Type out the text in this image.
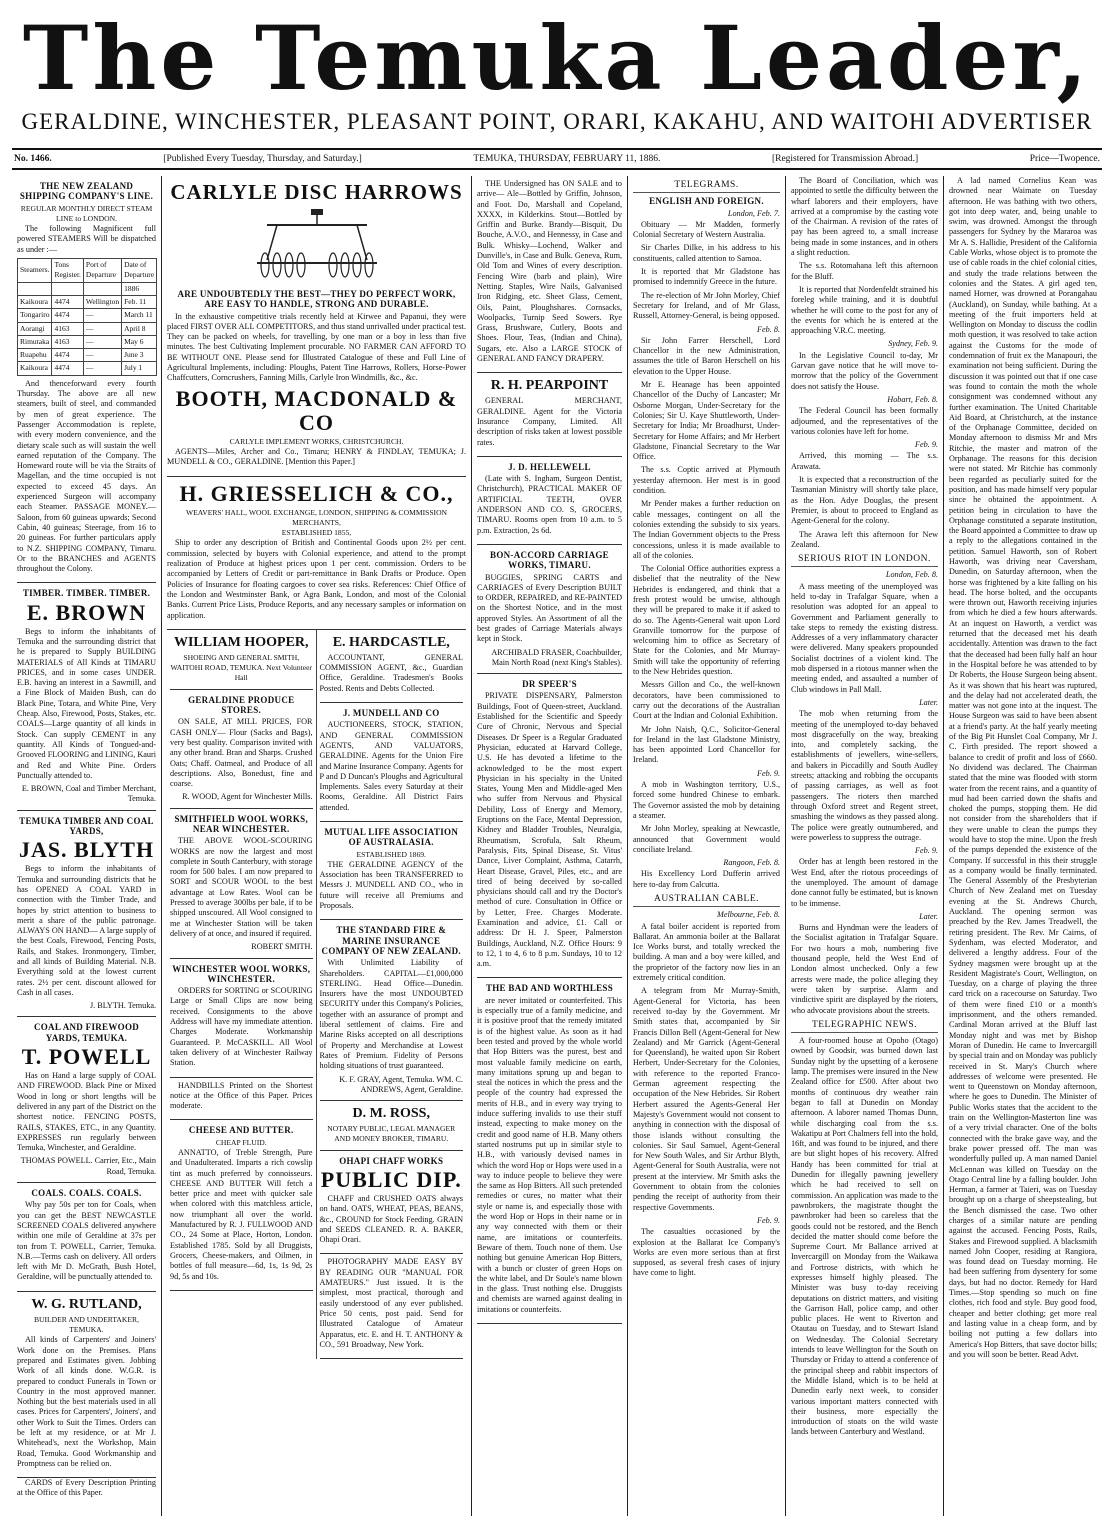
The Temuka Leader,
GERALDINE, WINCHESTER, PLEASANT POINT, ORARI, KAKAHU, AND WAITOHI ADVERTISER
No. 1466.	[Published Every Tuesday, Thursday, and Saturday.]	TEMUKA, THURSDAY, FEBRUARY 11, 1886.	[Registered for Transmission Abroad.]	Price—Twopence.
THE NEW ZEALAND SHIPPING COMPANY'S LINE.
REGULAR MONTHLY DIRECT STEAM LINE to LONDON.

The following Magnificent full powered STEAMERS Will be dispatched as under :—

Steamers.	Tons Register.	Port of Departure	Date of Departure
			1886
Kaikoura	4474	Wellington	Feb. 11
Tongariro	4474	—	March 11
Aorangi	4163	—	April 8
Rimutaka	4163	—	May 6
Ruapehu	4474	—	June 3
Kaikoura	4474	—	July 1

And thenceforward every fourth Thursday. The above are all new steamers, built of steel, and commanded by men of great experience. The Passenger Accommodation is replete, with every modern convenience, and the dietary scale such as will sustain the well earned reputation of the Company. The Homeward route will be via the Straits of Magellan, and the time occupied is not expected to exceed 45 days. An experienced Surgeon will accompany each Steamer. PASSAGE MONEY.—Saloon, from 60 guineas upwards; Second Cabin, 40 guineas; Steerage, from 16 to 20 guineas. For further particulars apply to N.Z. SHIPPING COMPANY, Timaru. Or to the BRANCHES and AGENTS throughout the Colony.

TIMBER. TIMBER. TIMBER.
E. BROWN

Begs to inform the inhabitants of Temuka and the surrounding district that he is prepared to Supply BUILDING MATERIALS of All Kinds at TIMARU PRICES, and in some cases UNDER. E.B. having an interest in a Sawmill, and a Fine Block of Maiden Bush, can do Black Pine, Totara, and White Pine, Very Cheap. Also, Firewood, Posts, Stakes, etc. COALS—Large quantity of all kinds in Stock. Can supply CEMENT in any quantity. All Kinds of Tongued-and-Grooved FLOORING and LINING, Kauri and Red and White Pine. Orders Punctually attended to.

E. BROWN, Coal and Timber Merchant, Temuka.
TEMUKA TIMBER AND COAL YARDS,
JAS. BLYTH

Begs to inform the inhabitants of Temuka and surrounding districts that he has OPENED A COAL YARD in connection with the Timber Trade, and hopes by strict attention to business to merit a share of the public patronage. ALWAYS ON HAND— A large supply of the best Coals, Firewood, Fencing Posts, Rails, and Stakes. Ironmongery, Timber, and all kinds of Building Material. N.B. Everything sold at the lowest current rates. 2½ per cent. discount allowed for Cash in all cases.

J. BLYTH. Temuka.
COAL AND FIREWOOD YARDS, TEMUKA.
T. POWELL

Has on Hand a large supply of COAL AND FIREWOOD. Black Pine or Mixed Wood in long or short lengths will be delivered in any part of the District on the shortest notice. FENCING POSTS, RAILS, STAKES, ETC., in any Quantity. EXPRESSES run regularly between Temuka, Winchester, and Geraldine.

THOMAS POWELL. Carrier, Etc., Main Road, Temuka.
COALS. COALS. COALS.

Why pay 50s per ton for Coals, when you can get the BEST NEWCASTLE SCREENED COALS delivered anywhere within one mile of Geraldine at 37s per ton from T. POWELL, Carrier, Temuka. N.B.—Terms cash on delivery. All orders left with Mr D. McGrath, Bush Hotel, Geraldine, will be punctually attended to.

W. G. RUTLAND,
BUILDER AND UNDERTAKER, TEMUKA.

All kinds of Carpenters' and Joiners' Work done on the Premises. Plans prepared and Estimates given. Jobbing Work of all kinds done. W.G.R. is prepared to conduct Funerals in Town or Country in the most approved manner. Nothing but the best materials used in all cases. Prices for Carpenters', Joiners', and other Work to Suit the Times. Orders can be left at my residence, or at Mr J. Whitehead's, next the Workshop, Main Road, Temuka. Good Workmanship and Promptness can be relied on.

CARDS of Every Description Printing at the Office of this Paper.

CARLYLE DISC HARROWS
ARE UNDOUBTEDLY THE BEST—THEY DO PERFECT WORK, ARE EASY TO HANDLE, STRONG AND DURABLE.

In the exhaustive competitive trials recently held at Kirwee and Papanui, they were placed FIRST OVER ALL COMPETITORS, and thus stand unrivalled under practical test. They can be packed on wheels, for travelling, by one man or a boy in less than five minutes. The best Cultivating Implement procurable. NO FARMER CAN AFFORD TO BE WITHOUT ONE. Please send for Illustrated Catalogue of these and Full Line of Agricultural Implements, including: Ploughs, Patent Tine Harrows, Rollers, Horse-Power Chaffcutters, Corncrushers, Fanning Mills, Carlyle Iron Windmills, &c., &c.

BOOTH, MACDONALD & CO
CARLYLE IMPLEMENT WORKS, CHRISTCHURCH.

AGENTS—Miles, Archer and Co., Timaru; HENRY & FINDLAY, TEMUKA; J. MUNDELL & CO., GERALDINE. [Mention this Paper.]

H. GRIESSELICH & CO.,
WEAVERS' HALL, WOOL EXCHANGE, LONDON, SHIPPING & COMMISSION MERCHANTS,
ESTABLISHED 1855,

Ship to order any description of British and Continental Goods upon 2½ per cent. commission, selected by buyers with Colonial experience, and attend to the prompt realization of Produce at highest prices upon 1 per cent. commission. Orders to be accompanied by Letters of Credit or part-remittance in Bank Drafts or Produce. Open Policies of Insurance for floating cargoes to cover sea risks. References: Chief Office of the London and Westminster Bank, or Agra Bank, London, and most of the Colonial Banks. Current Price Lists, Produce Reports, and any necessary samples or information on application.

WILLIAM HOOPER,
SHOEING AND GENERAL SMITH, WAITOHI ROAD, TEMUKA. Next Volunteer Hall
GERALDINE PRODUCE STORES.

ON SALE, AT MILL PRICES, FOR CASH ONLY— Flour (Sacks and Bags), very best quality. Comparison invited with any other brand. Bran and Sharps. Crushed Oats; Chaff. Oatmeal, and Produce of all descriptions. Also, Bonedust, fine and coarse.

R. WOOD, Agent for Winchester Mills.
SMITHFIELD WOOL WORKS, NEAR WINCHESTER.

THE ABOVE WOOL-SCOURING WORKS are now the largest and most complete in South Canterbury, with storage room for 500 bales. I am now prepared to SORT and SCOUR WOOL to the best advantage at Low Rates. Wool can be Pressed to average 300lbs per bale, if to be shipped unscoured. All Wool consigned to me at Winchester Station will be taken delivery of at once, and insured if required.

ROBERT SMITH.
WINCHESTER WOOL WORKS, WINCHESTER.

ORDERS for SORTING or SCOURING Large or Small Clips are now being received. Consignments to the above Address will have my immediate attention. Charges Moderate. Workmanship Guaranteed. P. McCASKILL. All Wool taken delivery of at Winchester Railway Station.

HANDBILLS Printed on the Shortest notice at the Office of this Paper. Prices moderate.

CHEESE AND BUTTER.
CHEAP FLUID.

ANNATTO, of Treble Strength, Pure and Unadulterated. Imparts a rich cowslip tint as much preferred by connoisseurs. CHEESE AND BUTTER Will fetch a better price and meet with quicker sale when colored with this matchless article, now triumphant all over the world. Manufactured by R. J. FULLWOOD AND CO., 24 Some at Place, Horton, London. Established 1785. Sold by all Druggists, Grocers, Cheese-makers, and Oilmen, in bottles of full measure—6d, 1s, 1s 9d, 2s 9d, 5s and 10s.

E. HARDCASTLE,

ACCOUNTANT, GENERAL COMMISSION AGENT, &c., Guardian Office, Geraldine. Tradesmen's Books Posted. Rents and Debts Collected.

J. MUNDELL AND CO

AUCTIONEERS, STOCK, STATION, AND GENERAL COMMISSION AGENTS, AND VALUATORS, GERALDINE. Agents for the Union Fire and Marine Insurance Company. Agents for P and D Duncan's Ploughs and Agricultural Implements. Sales every Saturday at their Rooms, Geraldine. All District Fairs attended.

MUTUAL LIFE ASSOCIATION OF AUSTRALASIA.
ESTABLISHED 1869.

THE GERALDINE AGENCY of the Association has been TRANSFERRED to Messrs J. MUNDELL AND CO., who in future will receive all Premiums and Proposals.

THE STANDARD FIRE & MARINE INSURANCE COMPANY OF NEW ZEALAND.

With Unlimited Liability of Shareholders. CAPITAL—£1,000,000 STERLING. Head Office—Dunedin. Insurers have the most UNDOUBTED SECURITY under this Company's Policies, together with an assurance of prompt and liberal settlement of claims. Fire and Marine Risks accepted on all descriptions of Property and Merchandise at Lowest Rates of Premium. Fidelity of Persons holding situations of trust guaranteed.

K. F. GRAY, Agent, Temuka. WM. C. ANDREWS, Agent, Geraldine.
D. M. ROSS,
NOTARY PUBLIC, LEGAL MANAGER AND MONEY BROKER, TIMARU.
OHAPI CHAFF WORKS
PUBLIC DIP.

CHAFF and CRUSHED OATS always on hand. OATS, WHEAT, PEAS, BEANS, &c., CROUND for Stock Feeding. GRAIN and SEEDS CLEANED. R. A. BAKER, Ohapi Orari.

PHOTOGRAPHY MADE EASY BY BY READING OUR "MANUAL FOR AMATEURS." Just issued. It is the simplest, most practical, thorough and easily understood of any ever published. Price 50 cents, post paid. Send for Illustrated Catalogue of Amateur Apparatus, etc. E. and H. T. ANTHONY & CO., 591 Broadway, New York.

THE Undersigned has ON SALE and to arrive— Ale—Bottled by Griffin, Johnson, and Foot. Do, Marshall and Copeland, XXXX, in Kilderkins. Stout—Bottled by Griffin and Burke. Brandy—Bisquit, Du Bouche, A.V.O., and Hennessy, in Case and Bulk. Whisky—Lochend, Walker and Dunville's, in Case and Bulk. Geneva, Rum, Old Tom and Wines of every description. Fencing Wire (barb and plain), Wire Netting. Staples, Wire Nails, Galvanised Iron Ridging, etc. Sheet Glass, Cement, Oils, Paint, Ploughshares. Cornsacks, Woolpacks, Turnip Seed Sowers. Rye Grass, Brushware, Cutlery, Boots and Shoes. Flour, Teas, (Indian and China), Sugars, etc. Also a LARGE STOCK of GENERAL AND FANCY DRAPERY.

R. H. PEARPOINT

GENERAL MERCHANT, GERALDINE. Agent for the Victoria Insurance Company, Limited. All description of risks taken at lowest possible rates.

J. D. HELLEWELL

(Late with S. Ingham, Surgeon Dentist, Christchurch), PRACTICAL MAKER OF ARTIFICIAL TEETH, OVER ANDERSON AND CO. S, GROCERS, TIMARU. Rooms open from 10 a.m. to 5 p.m. Extraction, 2s 6d.

BON-ACCORD CARRIAGE WORKS, TIMARU.

BUGGIES, SPRING CARTS and CARRIAGES of Every Description BUILT to ORDER, REPAIRED, and RE-PAINTED on the Shortest Notice, and in the most approved Styles. An Assortment of all the best grades of Carriage Materials always kept in Stock.

ARCHIBALD FRASER, Coachbuilder, Main North Road (next King's Stables).
DR SPEER'S

PRIVATE DISPENSARY, Palmerston Buildings, Foot of Queen-street, Auckland. Established for the Scientific and Speedy Cure of Chronic, Nervous and Special Diseases. Dr Speer is a Regular Graduated Physician, educated at Harvard College, U.S. He has devoted a lifetime to the acknowledged to be the most expert Physician in his specialty in the United States, Young Men and Middle-aged Men who suffer from Nervous and Physical Debility, Loss of Energy and Memory, Eruptions on the Face, Mental Depression, Kidney and Bladder Troubles, Neuralgia, Rheumatism, Scrofula, Salt Rheum, Paralysis, Fits, Spinal Disease, St. Vitus' Dance, Liver Complaint, Asthma, Catarrh, Heart Disease, Gravel, Piles, etc., and are tired of being deceived by so-called physicians should call and try the Doctor's method of cure. Consultation in Office or by Letter, Free. Charges Moderate. Examination and advice, £1. Call or address: Dr H. J. Speer, Palmerston Buildings, Auckland, N.Z. Office Hours: 9 to 12, 1 to 4, 6 to 8 p.m. Sundays, 10 to 12 a.m.

THE BAD AND WORTHLESS

are never imitated or counterfeited. This is especially true of a family medicine, and it is positive proof that the remedy imitated is of the highest value. As soon as it had been tested and proved by the whole world that Hop Bitters was the purest, best and most valuable family medicine on earth, many imitations sprung up and began to steal the notices in which the press and the people of the country had expressed the merits of H.B., and in every way trying to induce suffering invalids to use their stuff instead, expecting to make money on the credit and good name of H.B. Many others started nostrums put up in similar style to H.B., with variously devised names in which the word Hop or Hops were used in a way to induce people to believe they were the same as Hop Bitters. All such pretended remedies or cures, no matter what their style or name is, and especially those with the word Hop or Hops in their name or in any way connected with them or their name, are imitations or counterfeits. Beware of them. Touch none of them. Use nothing but genuine American Hop Bitters, with a bunch or cluster of green Hops on the white label, and Dr Soule's name blown in the glass. Trust nothing else. Druggists and chemists are warned against dealing in imitations or counterfeits.

TELEGRAMS.
ENGLISH AND FOREIGN.
London, Feb. 7.

Obituary — Mr Madden, formerly Colonial Secretary of Western Australia.

Sir Charles Dilke, in his address to his constituents, called attention to Samoa.

It is reported that Mr Gladstone has promised to indemnify Greece in the future.

The re-election of Mr John Morley, Chief Secretary for Ireland, and of Mr Glass, Russell, Attorney-General, is being opposed.

Feb. 8.

Sir John Farrer Herschell, Lord Chancellor in the new Administration, assumes the title of Baron Herschell on his elevation to the Upper House.

Mr E. Heanage has been appointed Chancellor of the Duchy of Lancaster; Mr Osborne Morgan, Under-Secretary for the Colonies; Sir U. Kaye Shuttleworth, Under-Secretary for India; Mr Broadhurst, Under-Secretary for Home Affairs; and Mr Herbert Gladstone, Financial Secretary to the War Office.

The s.s. Coptic arrived at Plymouth yesterday afternoon. Her mest is in good condition.

Mr Pender makes a further reduction on cable messages, contingent on all the colonies extending the subsidy to six years. The Indian Government objects to the Press concessions, unless it is made available to all of the colonies.

The Colonial Office authorities express a disbelief that the neutrality of the New Hebrides is endangered, and think that a fresh protest would be unwise, although they will be prepared to make it if asked to do so. The Agents-General wait upon Lord Granville tomorrow for the purpose of welcoming him to office as Secretary of State for the Colonies, and Mr Murray-Smith will take the opportunity of referring to the New Hebrides question.

Messrs Gillon and Co., the well-known decorators, have been commissioned to carry out the decorations of the Australian Court at the Indian and Colonial Exhibition.

Mr John Naish, Q.C., Solicitor-General for Ireland in the last Gladstone Ministry, has been appointed Lord Chancellor for Ireland.

Feb. 9.

A mob in Washington territory, U.S., forced some hundred Chinese to embark. The Governor assisted the mob by detaining a steamer.

Mr John Morley, speaking at Newcastle, announced that Government would conciliate Ireland.

Rangoon, Feb. 8.

His Excellency Lord Dufferin arrived here to-day from Calcutta.

AUSTRALIAN CABLE.
Melbourne, Feb. 8.

A fatal boiler accident is reported from Ballarat. An ammonia boiler at the Ballarat Ice Works burst, and totally wrecked the building. A man and a boy were killed, and the proprietor of the factory now lies in an extremely critical condition.

A telegram from Mr Murray-Smith, Agent-General for Victoria, has been received to-day by the Government. Mr Smith states that, accompanied by Sir Francis Dillon Bell (Agent-General for New Zealand) and Mr Garrick (Agent-General for Queensland), he waited upon Sir Robert Herbert, Under-Secretary for the Colonies, with reference to the reported Franco-German agreement respecting the occupation of the New Hebrides. Sir Robert Herbert assured the Agents-General Her Majesty's Government would not consent to anything in connection with the disposal of those islands without consulting the colonies. Sir Saul Samuel, Agent-General for New South Wales, and Sir Arthur Blyth, Agent-General for South Australia, were not present at the interview. Mr Smith asks the Government to obtain from the colonies pending the receipt of authority from their respective Governments.

Feb. 9.

The casualties occasioned by the explosion at the Ballarat Ice Company's Works are even more serious than at first supposed, as several fresh cases of injury have come to light.

The Board of Conciliation, which was appointed to settle the difficulty between the wharf laborers and their employers, have arrived at a compromise by the casting vote of the Chairman. A revision of the rates of pay has been agreed to, a small increase being made in some instances, and in others a slight reduction.

The s.s. Rotomahana left this afternoon for the Bluff.

It is reported that Nordenfeldt strained his foreleg while training, and it is doubtful whether he will come to the post for any of the events for which he is entered at the approaching V.R.C. meeting.

Sydney, Feb. 9.

In the Legislative Council to-day, Mr Garvan gave notice that he will move to-morrow that the policy of the Government does not satisfy the House.

Hobart, Feb. 8.

The Federal Council has been formally adjourned, and the representatives of the various colonies have left for home.

Feb. 9.

Arrived, this morning — The s.s. Arawata.

It is expected that a reconstruction of the Tasmanian Ministry will shortly take place, as the Hon. Adye Douglas, the present Premier, is about to proceed to England as Agent-General for the colony.

The Arawa left this afternoon for New Zealand.

SERIOUS RIOT IN LONDON.
London, Feb. 8.

A mass meeting of the unemployed was held to-day in Trafalgar Square, when a resolution was adopted for an appeal to Government and Parliament generally to take steps to remedy the existing distress. Addresses of a very inflammatory character were delivered. Many speakers propounded Socialist doctrines of a violent kind. The mob dispersed in a riotous manner when the meeting ended, and assaulted a number of Club windows in Pall Mall.

Later.

The mob when returning from the meeting of the unemployed to-day behaved most disgracefully on the way, breaking into, and completely sacking, the establishments of jewellers, wine-sellers, and bakers in Piccadilly and South Audley streets; attacking and robbing the occupants of passing carriages, as well as foot passengers. The rioters then marched through Oxford street and Regent street, smashing the windows as they passed along. The police were greatly outnumbered, and were powerless to suppress the outrage.

Feb. 9.

Order has at length been restored in the West End, after the riotous proceedings of the unemployed. The amount of damage done cannot fully be estimated, but is known to be immense.

Later.

Burns and Hyndman were the leaders of the Socialist agitation in Trafalgar Square. For two hours a mob, numbering five thousand people, held the West End of London almost unchecked. Only a few arrests were made, the police alleging they were taken by surprise. Alarm and vindictive spirit are displayed by the rioters, who advocate provisions about the streets.

TELEGRAPHIC NEWS.

A four-roomed house at Opoho (Otago) owned by Goodsir, was burned down last Sunday night by the upsetting of a kerosene lamp. The premises were insured in the New Zealand office for £500. After about two months of continuous dry weather rain began to fall at Dunedin on Monday afternoon. A laborer named Thomas Dunn, while discharging coal from the s.s. Wakatipu at Port Chalmers fell into the hold, 16ft, and was found to be injured, and there are but slight hopes of his recovery. Alfred Handy has been committed for trial at Dunedin for illegally pawning jewellery which he had received to sell on commission. An application was made to the pawnbrokers, the magistrate thought the pawnbroker had been so careless that the goods could not be restored, and the Bench decided the matter should come before the Supreme Court. Mr Ballance arrived at Invercargill on Monday from the Waikawa and Fortrose districts, with which he expresses himself highly pleased. The Minister was busy to-day receiving deputations on district matters, and visiting the Garrison Hall, police camp, and other public places. He went to Riverton and Otautau on Tuesday, and to Stewart Island on Wednesday. The Colonial Secretary intends to leave Wellington for the South on Thursday or Friday to attend a conference of the principal sheep and rabbit inspectors of the Middle Island, which is to be held at Dunedin early next week, to consider various important matters connected with their business, more especially the introduction of stoats on the wild waste lands between Canterbury and Westland.

A lad named Cornelius Kean was drowned near Waimate on Tuesday afternoon. He was bathing with two others, got into deep water, and, being unable to swim, was drowned. Amongst the through passengers for Sydney by the Mararoa was Mr A. S. Hallidie, President of the California Cable Works, whose object is to promote the use of cable roads in the chief colonial cities, and study the trade relations between the colonies and the States. A girl aged ten, named Horner, was drowned at Porangahau (Auckland), on Sunday, while bathing. At a meeting of the fruit importers held at Wellington on Monday to discuss the codlin moth question, it was resolved to take action against the Customs for the mode of condemnation of fruit ex the Manapouri, the examination not being sufficient. During the discussion it was pointed out that if one case was found to contain the moth the whole consignment was condemned without any further examination. The United Charitable Aid Board, at Christchurch, at the instance of the Orphanage Committee, decided on Monday afternoon to dismiss Mr and Mrs Ritchie, the master and matron of the Orphanage. The reasons for this decision were not stated. Mr Ritchie has commonly been regarded as peculiarly suited for the position, and has made himself very popular since he obtained the appointment. A petition being in circulation to have the Orphanage constituted a separate institution, the Board appointed a Committee to draw up a reply to the allegations contained in the petition. Samuel Haworth, son of Robert Haworth, was driving near Caversham, Dunedin, on Saturday afternoon, when the horse was frightened by a kite falling on his head. The horse bolted, and the occupants were thrown out, Haworth receiving injuries from which he died a few hours afterwards. At an inquest on Haworth, a verdict was returned that the deceased met his death accidentally. Attention was drawn to the fact that the deceased had been fully half an hour in the Hospital before he was attended to by Dr Roberts, the House Surgeon being absent. As it was shown that his heart was ruptured, and the delay had not accelerated death, the matter was not gone into at the inquest. The House Surgeon was said to have been absent at a friend's party. At the half yearly meeting of the Big Pit Hunslet Coal Company, Mr J. C. Firth presided. The report showed a balance to credit of profit and loss of £660. No dividend was declared. The Chairman stated that the mine was flooded with storm water from the recent rains, and a quantity of mud had been carried down the shafts and choked the pumps, stopping them. He did not consider from the shareholders that if they were unable to clean the pumps they would have to stop the mine. Upon the fresh of the pumps depended the existence of the Company. If successful in this their struggle as a company would be finally terminated. The General Assembly of the Presbyterian Church of New Zealand met on Tuesday evening at the St. Andrews Church, Auckland. The opening sermon was preached by the Rev. James Treadwell, the retiring president. The Rev. Mr Cairns, of Sydenham, was elected Moderator, and delivered a lengthy address. Four of the Sydney magsmen were brought up at the Resident Magistrate's Court, Wellington, on Tuesday, on a charge of playing the three card trick on a racecourse on Saturday. Two of them were fined £10 or a month's imprisonment, and the others remanded. Cardinal Moran arrived at the Bluff last Monday night and was met by Bishop Moran of Dunedin. He came to Invercargill by special train and on Monday was publicly received in St. Mary's Church where addresses of welcome were presented. He went to Queenstown on Monday afternoon, where he goes to Dunedin. The Minister of Public Works states that the accident to the train on the Wellington-Masterton line was of a very trivial character. One of the bolts connected with the brake gave way, and the brake power pressed off. The man was wonderfully pulled up. A man named Daniel McLennan was killed on Tuesday on the Otago Central line by a falling boulder. John Herman, a farmer at Taieri, was on Tuesday brought up on a charge of sheepstealing, but the Bench dismissed the case. Two other charges of a similar nature are pending against the accused. Fencing Posts, Rails, Stakes and Firewood supplied. A blacksmith named John Cooper, residing at Rangiora, was found dead on Tuesday morning. He had been suffering from dysentery for some days, but had no doctor. Remedy for Hard Times.—Stop spending so much on fine clothes, rich food and style. Buy good food, cheaper and better clothing; get more real and lasting value in a cheap form, and by boiling not putting a few dollars into America's Hop Bitters, that save doctor bills; and you will soon be better. Read Advt.
